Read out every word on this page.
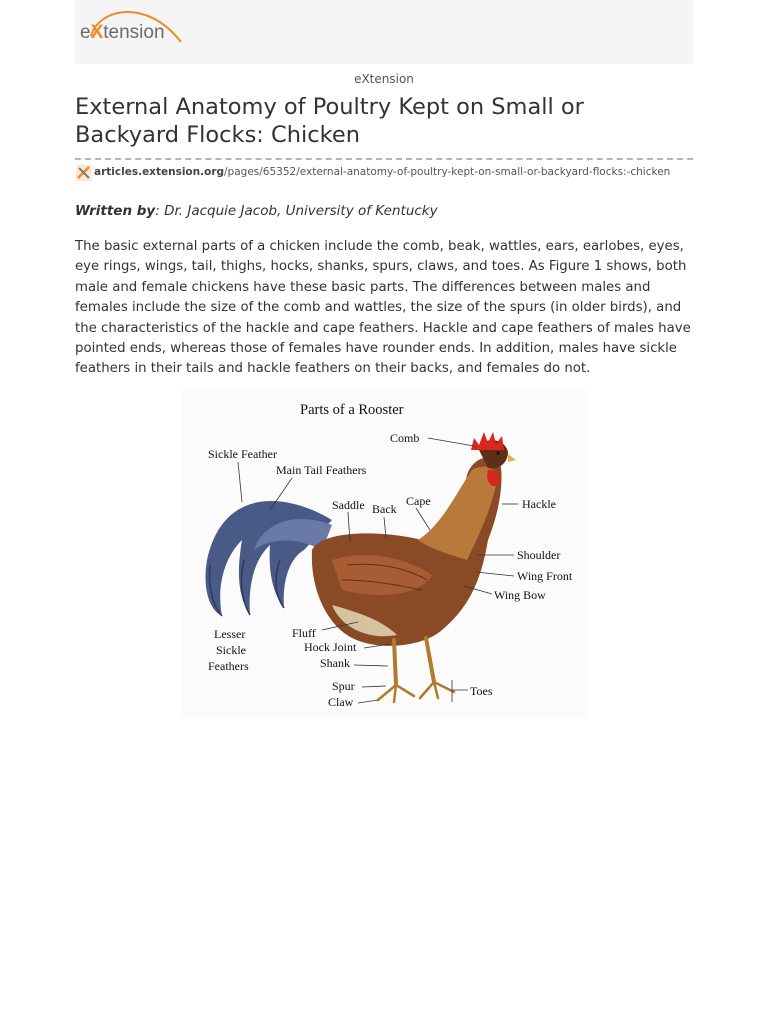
eXtension
eXtension
External Anatomy of Poultry Kept on Small or Backyard Flocks: Chicken
articles.extension.org/pages/65352/external-anatomy-of-poultry-kept-on-small-or-backyard-flocks:-chicken
Written by: Dr. Jacquie Jacob, University of Kentucky

The basic external parts of a chicken include the comb, beak, wattles, ears, earlobes, eyes, eye rings, wings, tail, thighs, hocks, shanks, spurs, claws, and toes. As Figure 1 shows, both male and female chickens have these basic parts. The differences between males and females include the size of the comb and wattles, the size of the spurs (in older birds), and the characteristics of the hackle and cape feathers. Hackle and cape feathers of males have pointed ends, whereas those of females have rounder ends. In addition, males have sickle feathers in their tails and hackle feathers on their backs, and females do not.

Parts of a Rooster
Comb
Sickle Feather
Main Tail Feathers
Saddle Back
Cape	Hackle
Shoulder
Wing Front
Wing Bow
Lesser
Sickle
Feathers
Fluff
Hock Joint
Shank
Spur
Claw
Toes
